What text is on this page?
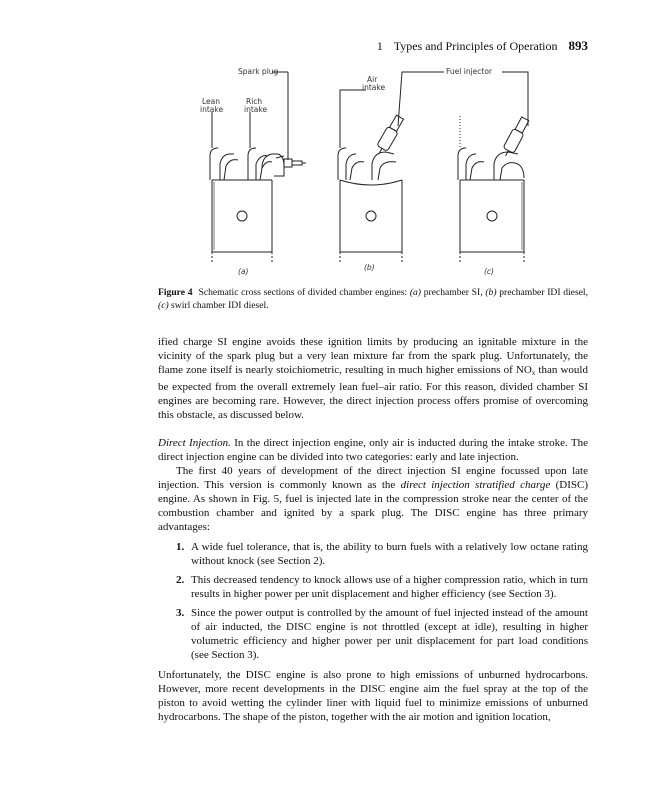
1 Types and Principles of Operation 893
Spark plug
Lean
intake
Rich
intake
Air
intake
Fuel injector
(a)	(b)	(c)
Figure 4 Schematic cross sections of divided chamber engines: (a) prechamber SI, (b) prechamber IDI diesel, (c) swirl chamber IDI diesel.

ified charge SI engine avoids these ignition limits by producing an ignitable mixture in the vicinity of the spark plug but a very lean mixture far from the spark plug. Unfortunately, the flame zone itself is nearly stoichiometric, resulting in much higher emissions of $NO_x$ than would be expected from the overall extremely lean fuel–air ratio. For this reason, divided chamber SI engines are becoming rare. However, the direct injection process offers promise of overcoming this obstacle, as discussed below.

Direct Injection. In the direct injection engine, only air is inducted during the intake stroke. The direct injection engine can be divided into two categories: early and late injection.

The first 40 years of development of the direct injection SI engine focussed upon late injection. This version is commonly known as the direct injection stratified charge (DISC) engine. As shown in Fig. 5, fuel is injected late in the compression stroke near the center of the combustion chamber and ignited by a spark plug. The DISC engine has three primary advantages:

1. A wide fuel tolerance, that is, the ability to burn fuels with a relatively low octane rating without knock (see Section 2).
2. This decreased tendency to knock allows use of a higher compression ratio, which in turn results in higher power per unit displacement and higher efficiency (see Section 3).
3. Since the power output is controlled by the amount of fuel injected instead of the amount of air inducted, the DISC engine is not throttled (except at idle), resulting in higher volumetric efficiency and higher power per unit displacement for part load conditions (see Section 3).

Unfortunately, the DISC engine is also prone to high emissions of unburned hydrocarbons. However, more recent developments in the DISC engine aim the fuel spray at the top of the piston to avoid wetting the cylinder liner with liquid fuel to minimize emissions of unburned hydrocarbons. The shape of the piston, together with the air motion and ignition location,
